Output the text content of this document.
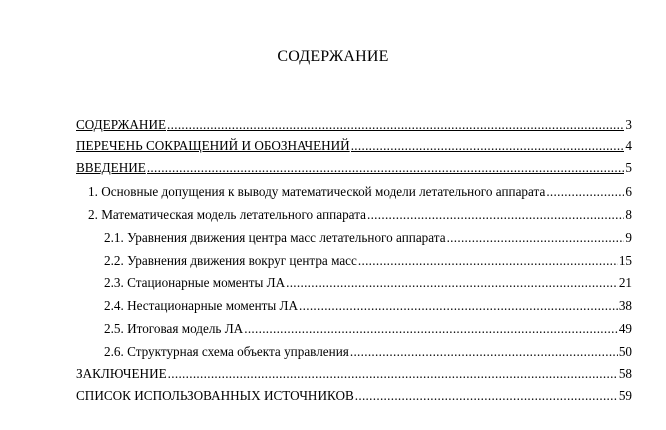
СОДЕРЖАНИЕ
СОДЕРЖАНИЕ .....	3
ПЕРЕЧЕНЬ СОКРАЩЕНИЙ И ОБОЗНАЧЕНИЙ .....	4
ВВЕДЕНИЕ .....	5
1. Основные допущения к выводу математической модели летательного аппарата .....	6
2. Математическая модель летательного аппарата .....	8
2.1. Уравнения движения центра масс летательного аппарата .....	9
2.2. Уравнения движения вокруг центра масс .....	15
2.3. Стационарные моменты ЛА .....	21
2.4. Нестационарные моменты ЛА .....	38
2.5. Итоговая модель ЛА .....	49
2.6. Структурная схема объекта управления .....	50
ЗАКЛЮЧЕНИЕ .....	58
СПИСОК ИСПОЛЬЗОВАННЫХ ИСТОЧНИКОВ .....	59
